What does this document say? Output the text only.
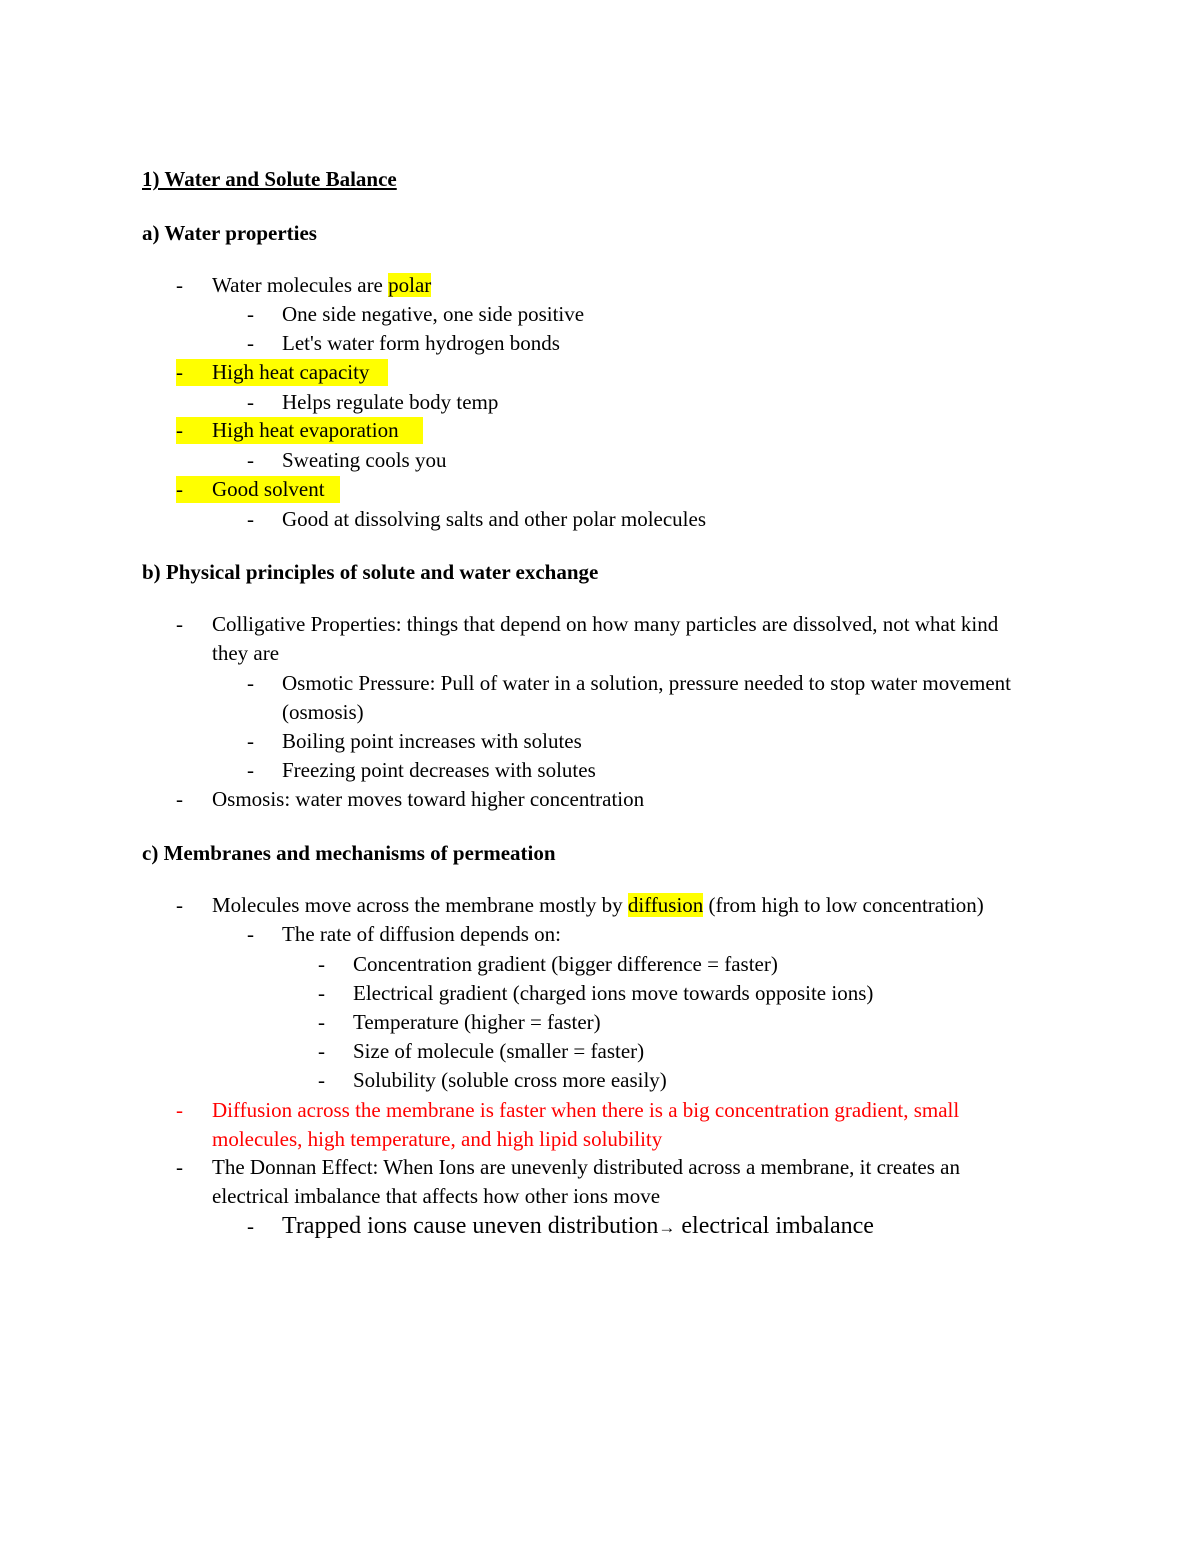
1) Water and Solute Balance
a) Water properties
- Water molecules are polar
- One side negative, one side positive
- Let's water form hydrogen bonds
- High heat capacity
- Helps regulate body temp
- High heat evaporation
- Sweating cools you
- Good solvent
- Good at dissolving salts and other polar molecules
b) Physical principles of solute and water exchange
- Colligative Properties: things that depend on how many particles are dissolved, not what kind
they are
- Osmotic Pressure: Pull of water in a solution, pressure needed to stop water movement
(osmosis)
- Boiling point increases with solutes
- Freezing point decreases with solutes
- Osmosis: water moves toward higher concentration
c) Membranes and mechanisms of permeation
- Molecules move across the membrane mostly by diffusion (from high to low concentration)
- The rate of diffusion depends on:
- Concentration gradient (bigger difference = faster)
- Electrical gradient (charged ions move towards opposite ions)
- Temperature (higher = faster)
- Size of molecule (smaller = faster)
- Solubility (soluble cross more easily)
- Diffusion across the membrane is faster when there is a big concentration gradient, small
molecules, high temperature, and high lipid solubility
- The Donnan Effect: When Ions are unevenly distributed across a membrane, it creates an
electrical imbalance that affects how other ions move
- Trapped ions cause uneven distribution→ electrical imbalance
